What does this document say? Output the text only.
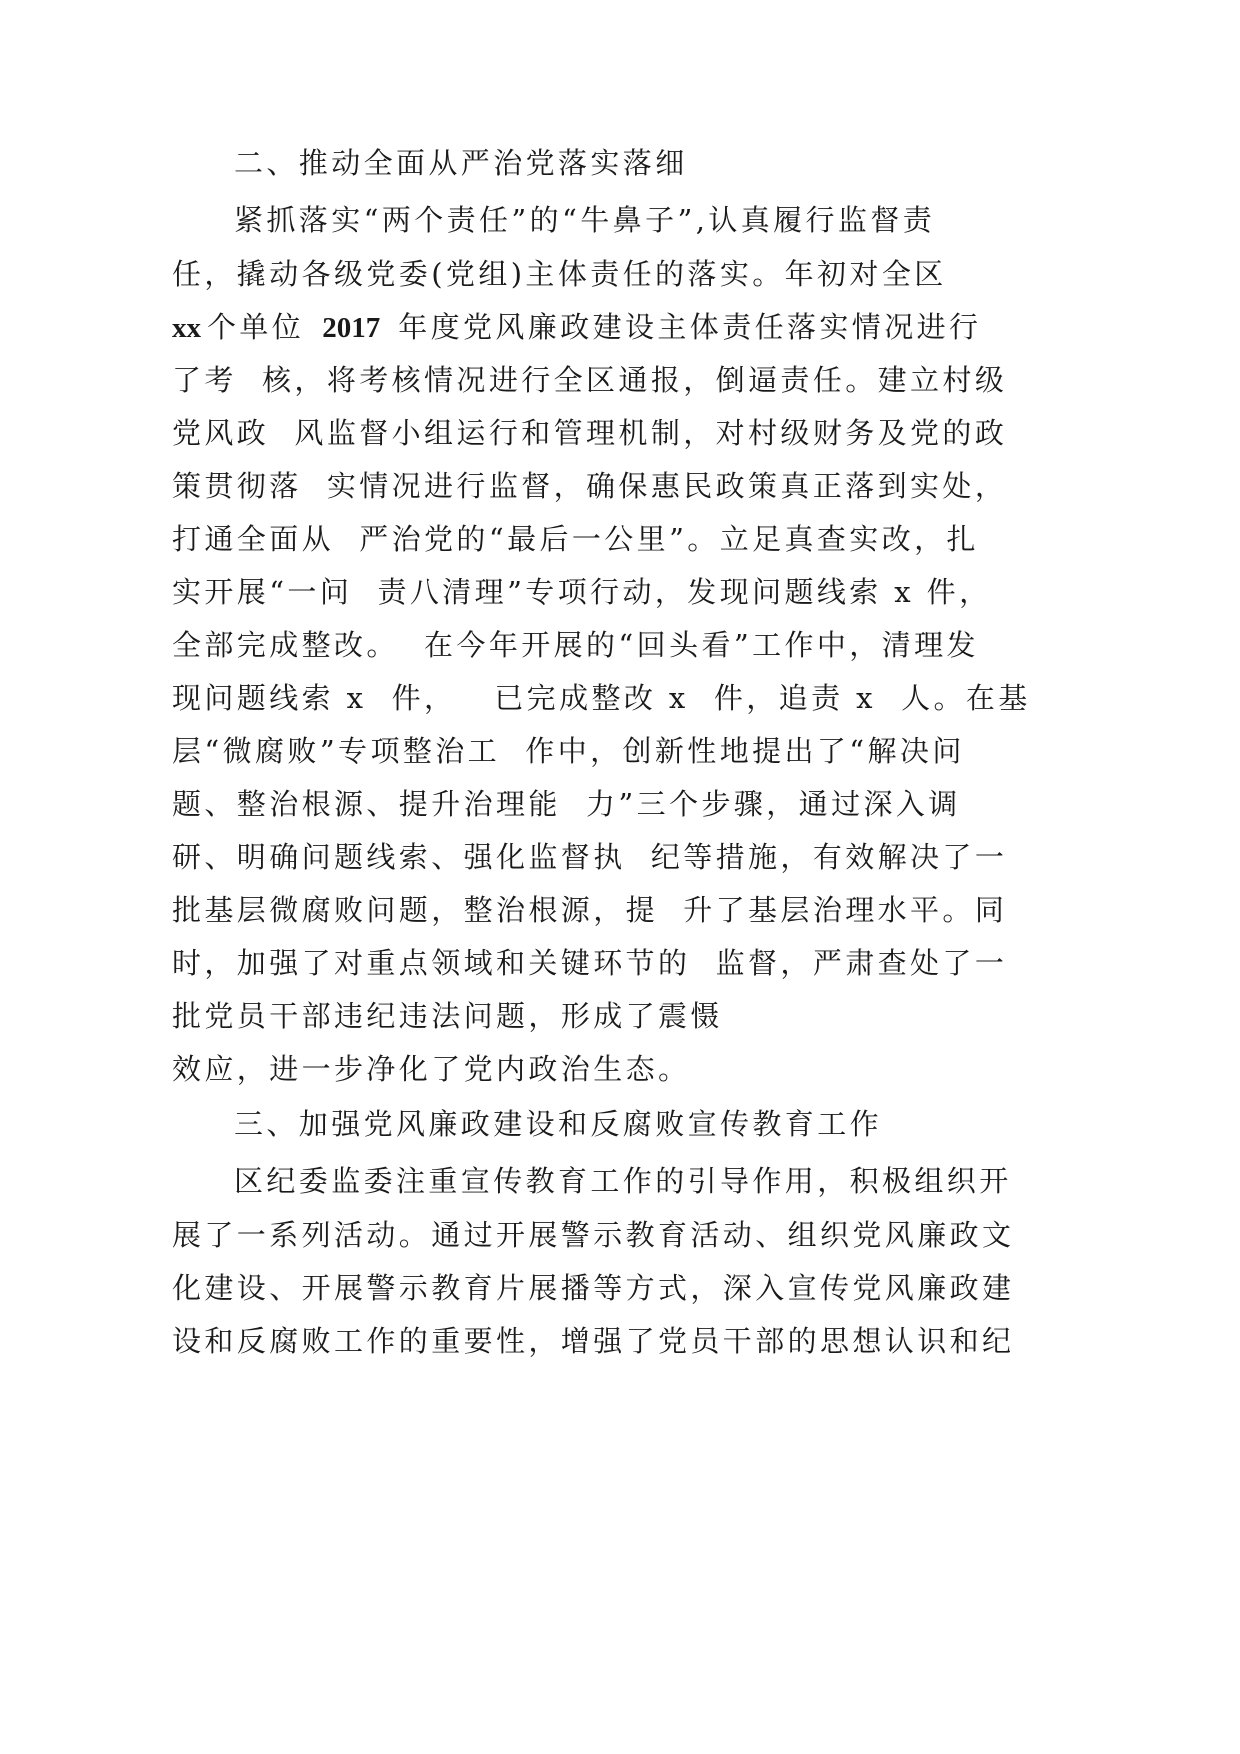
二、推动全面从严治党落实落细
紧抓落实“两个责任”的“牛鼻子”,认真履行监督责
任，撬动各级党委(党组)主体责任的落实。年初对全区
xx 个单位 2017 年度党风廉政建设主体责任落实情况进行
了考  核，将考核情况进行全区通报，倒逼责任。建立村级
党风政  风监督小组运行和管理机制，对村级财务及党的政
策贯彻落  实情况进行监督，确保惠民政策真正落到实处，
打通全面从  严治党的“最后一公里”。立足真查实改，扎
实开展“一问  责八清理”专项行动，发现问题线索 x 件，
全部完成整改。  在今年开展的“回头看”工作中，清理发
现问题线索 x  件，   已完成整改 x  件，追责 x  人。在基
层“微腐败”专项整治工  作中，创新性地提出了“解决问
题、整治根源、提升治理能  力”三个步骤，通过深入调
研、明确问题线索、强化监督执  纪等措施，有效解决了一
批基层微腐败问题，整治根源，提  升了基层治理水平。同
时，加强了对重点领域和关键环节的  监督，严肃查处了一
批党员干部违纪违法问题，形成了震慑
效应，进一步净化了党内政治生态。
三、加强党风廉政建设和反腐败宣传教育工作
区纪委监委注重宣传教育工作的引导作用，积极组织开
展了一系列活动。通过开展警示教育活动、组织党风廉政文
化建设、开展警示教育片展播等方式，深入宣传党风廉政建
设和反腐败工作的重要性，增强了党员干部的思想认识和纪
